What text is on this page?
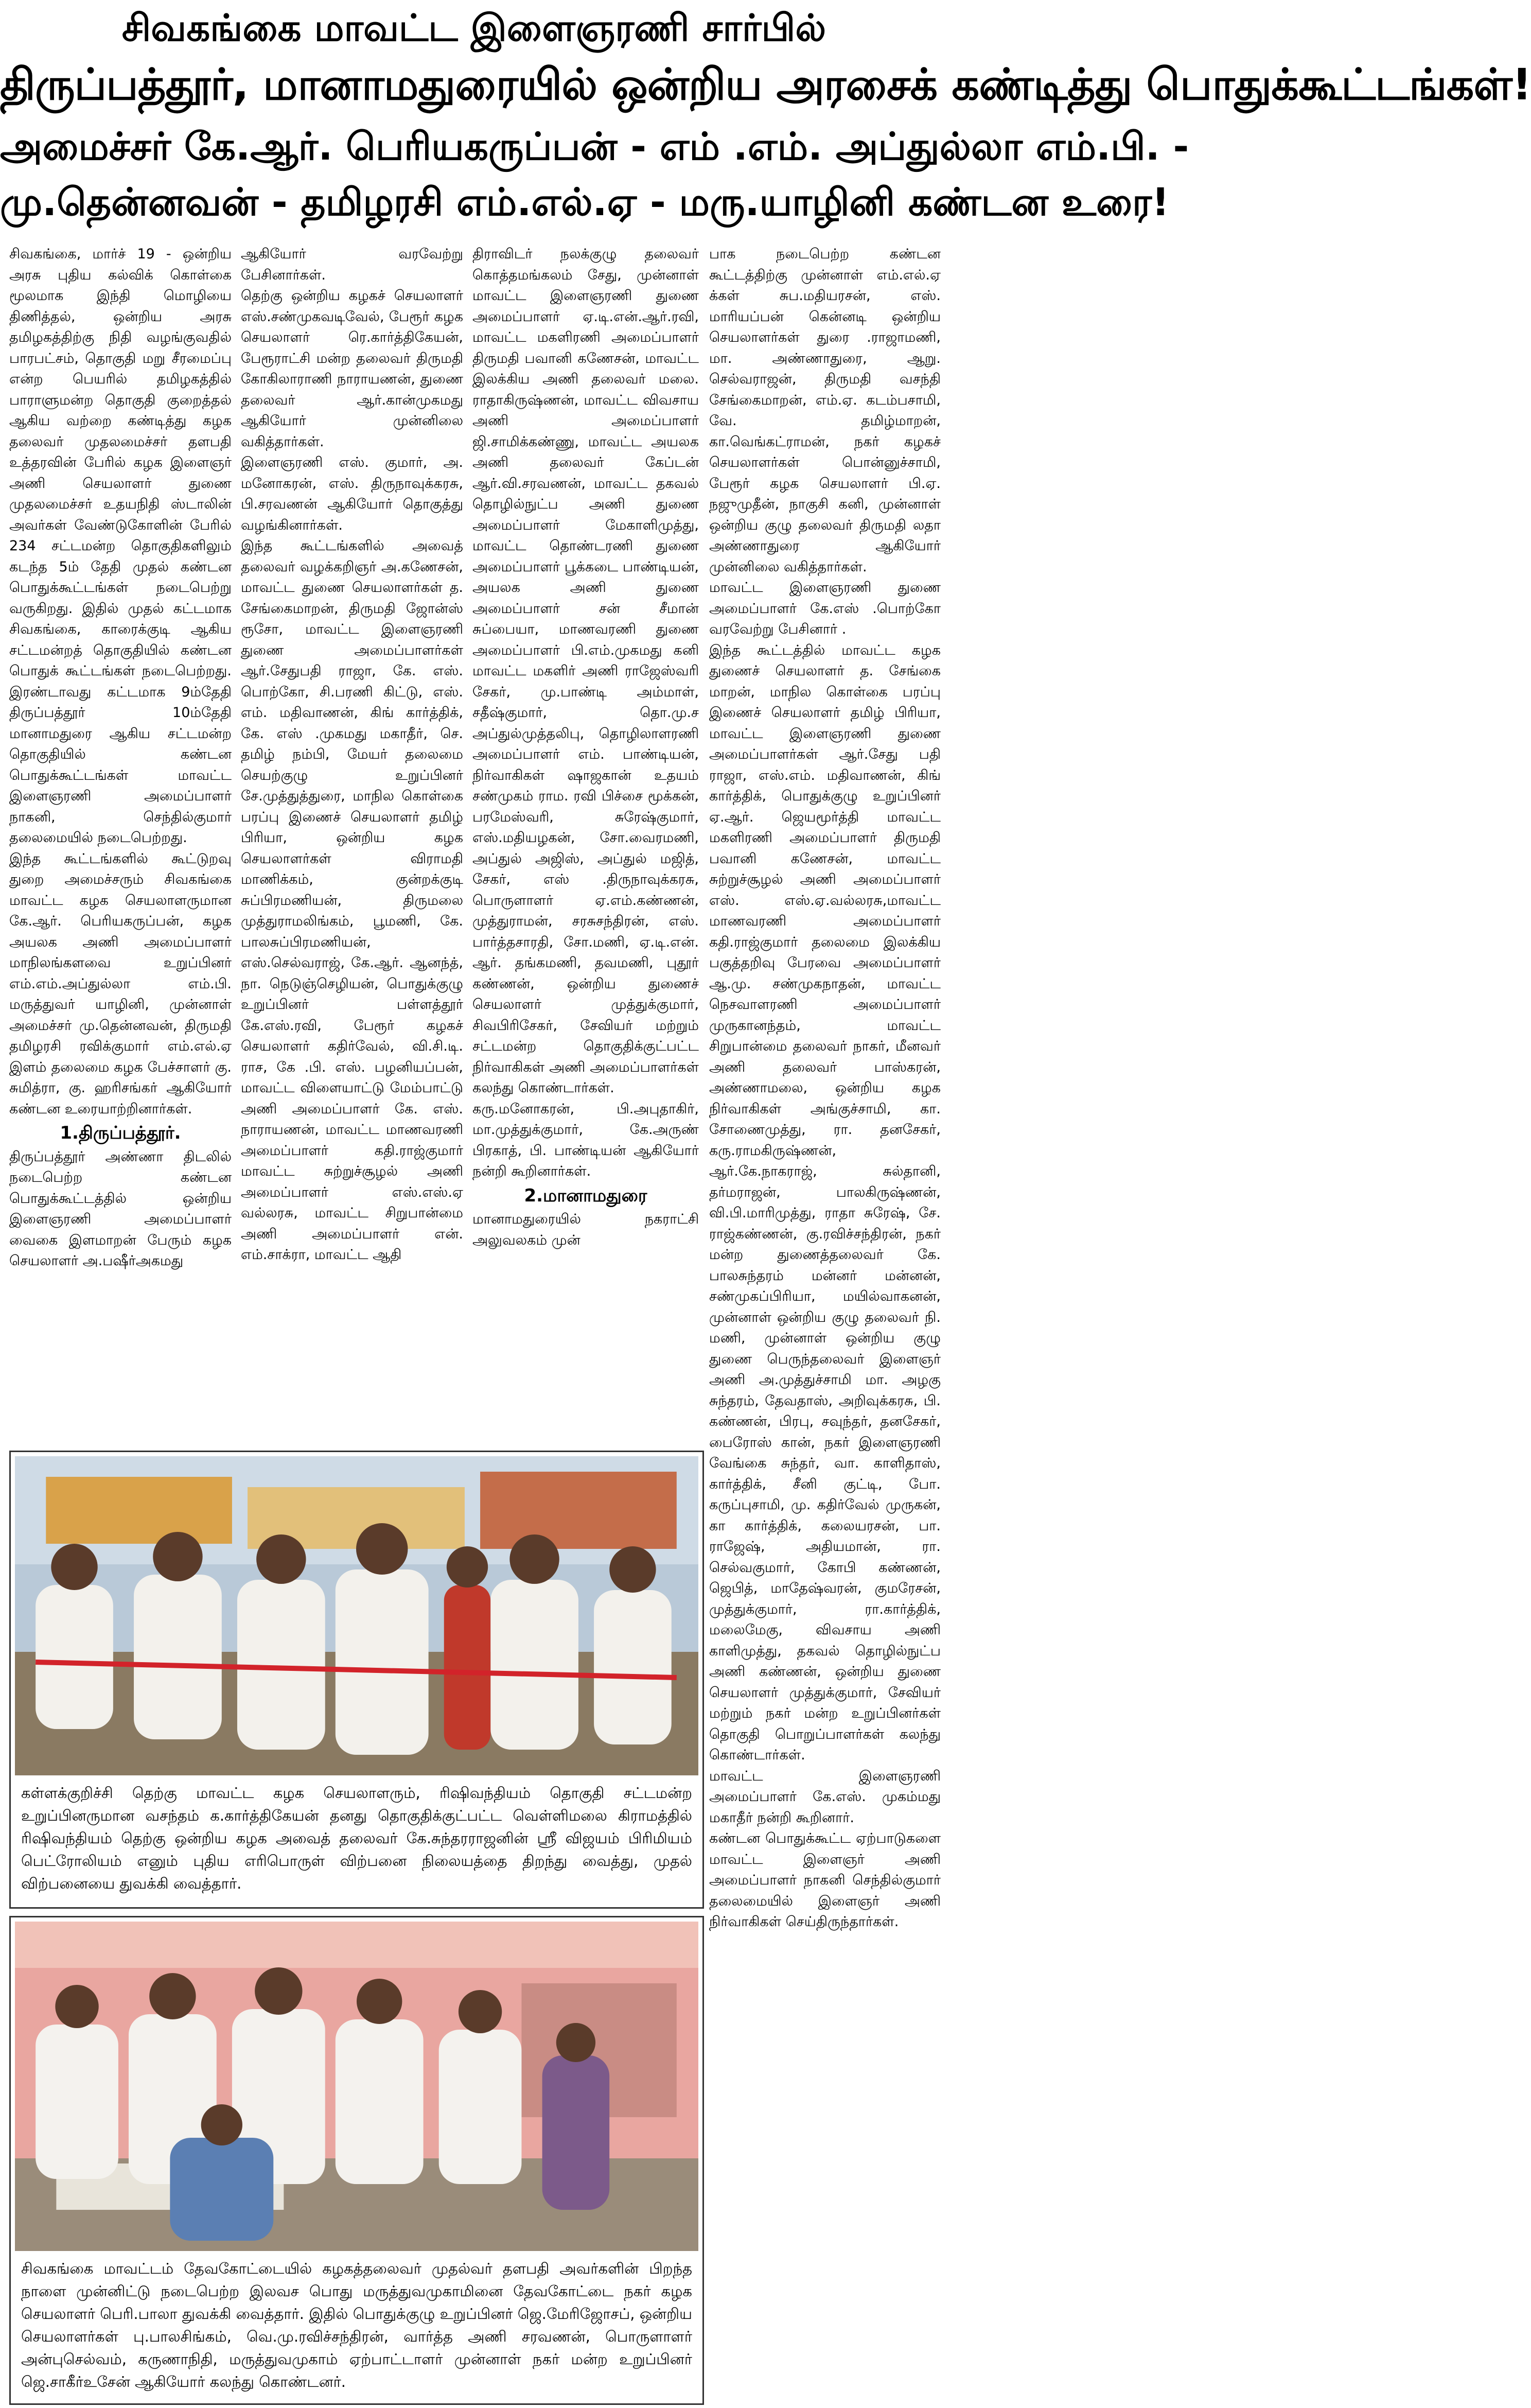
சிவகங்கை மாவட்ட இளைஞரணி சார்பில்
திருப்பத்தூர், மானாமதுரையில் ஒன்றிய அரசைக் கண்டித்து பொதுக்கூட்டங்கள்!
அமைச்சர் கே.ஆர். பெரியகருப்பன் - எம் .எம். அப்துல்லா எம்.பி. -
மு.தென்னவன் - தமிழரசி எம்.எல்.ஏ - மரு.யாழினி கண்டன உரை!

சிவகங்கை, மார்ச் 19 - ஒன்றிய அரசு புதிய கல்விக் கொள்கை மூலமாக இந்தி மொழியை திணித்தல், ஒன்றிய அரசு தமிழகத்திற்கு நிதி வழங்குவதில் பாரபட்சம், தொகுதி மறு சீரமைப்பு என்ற பெயரில் தமிழகத்தில் பாராளுமன்ற தொகுதி குறைத்தல் ஆகிய வற்றை கண்டித்து கழக தலைவர் முதலமைச்சர் தளபதி உத்தரவின் பேரில் கழக இளைஞர் அணி செயலாளர் துணை முதலமைச்சர் உதயநிதி ஸ்டாலின் அவர்கள் வேண்டுகோளின் பேரில் 234 சட்டமன்ற தொகுதிகளிலும் கடந்த 5ம் தேதி முதல் கண்டன பொதுக்கூட்டங்கள் நடைபெற்று வருகிறது. இதில் முதல் கட்டமாக சிவகங்கை, காரைக்குடி ஆகிய சட்டமன்றத் தொகுதியில் கண்டன பொதுக் கூட்டங்கள் நடைபெற்றது. இரண்டாவது கட்டமாக 9ம்தேதி திருப்பத்தூர் 10ம்தேதி மானாமதுரை ஆகிய சட்டமன்ற தொகுதியில் கண்டன பொதுக்கூட்டங்கள் மாவட்ட இளைஞரணி அமைப்பாளர் நாகனி, செந்தில்குமார் தலைமையில் நடைபெற்றது.

இந்த கூட்டங்களில் கூட்டுறவு துறை அமைச்சரும் சிவகங்கை மாவட்ட கழக செயலாளருமான கே.ஆர். பெரியகருப்பன், கழக அயலக அணி அமைப்பாளர் மாநிலங்களவை உறுப்பினர் எம்.எம்.அப்துல்லா எம்.பி. மருத்துவர் யாழினி, முன்னாள் அமைச்சர் மு.தென்னவன், திருமதி தமிழரசி ரவிக்குமார் எம்.எல்.ஏ இளம் தலைமை கழக பேச்சாளர் கு. சுமித்ரா, கு. ஹரிசங்கர் ஆகியோர் கண்டன உரையாற்றினார்கள்.

1.திருப்பத்தூர்.

திருப்பத்தூர் அண்ணா திடலில் நடைபெற்ற கண்டன பொதுக்கூட்டத்தில் ஒன்றிய இளைஞரணி அமைப்பாளர் வைகை இளமாறன் பேரும் கழக செயலாளர் அ.பஷீர்அகமது

ஆகியோர் வரவேற்று பேசினார்கள்.

தெற்கு ஒன்றிய கழகச் செயலாளர் எஸ்.சண்முகவடிவேல், பேரூர் கழக செயலாளர் ரெ.கார்த்திகேயன், பேரூராட்சி மன்ற தலைவர் திருமதி கோகிலாராணி நாராயணன், துணை தலைவர் ஆர்.கான்முகமது ஆகியோர் முன்னிலை வகித்தார்கள்.

இளைஞரணி எஸ். குமார், அ. மனோகரன், எஸ். திருநாவுக்கரசு, பி.சரவணன் ஆகியோர் தொகுத்து வழங்கினார்கள்.

இந்த கூட்டங்களில் அவைத் தலைவர் வழக்கறிஞர் அ.கணேசன், மாவட்ட துணை செயலாளர்கள் த. சேங்கைமாறன், திருமதி ஜோன்ஸ் ரூசோ, மாவட்ட இளைஞரணி துணை அமைப்பாளர்கள் ஆர்.சேதுபதி ராஜா, கே. எஸ். பொற்கோ, சி.பரணி கிட்டு, எஸ். எம். மதிவாணன், கிங் கார்த்திக், கே. எஸ் .முகமது மகாதீர், செ. தமிழ் நம்பி, மேயர் தலைமை செயற்குழு உறுப்பினர் சே.முத்துத்துரை, மாநில கொள்கை பரப்பு இணைச் செயலாளர் தமிழ் பிரியா, ஒன்றிய கழக செயலாளர்கள் விராமதி மாணிக்கம், குன்றக்குடி சுப்பிரமணியன், திருமலை முத்துராமலிங்கம், பூமணி, கே. பாலசுப்பிரமணியன், எஸ்.செல்வராஜ், கே.ஆர். ஆனந்த், நா. நெடுஞ்செழியன், பொதுக்குழு உறுப்பினர் பள்ளத்தூர் கே.எஸ்.ரவி, பேரூர் கழகச் செயலாளர் கதிர்வேல், வி.சி.டி. ராச, கே .பி. எஸ். பழனியப்பன், மாவட்ட விளையாட்டு மேம்பாட்டு அணி அமைப்பாளர் கே. எஸ். நாராயணன், மாவட்ட மாணவரணி அமைப்பாளர் கதி.ராஜ்குமார் மாவட்ட சுற்றுச்சூழல் அணி அமைப்பாளர் எஸ்.எஸ்.ஏ வல்லரசு, மாவட்ட சிறுபான்மை அணி அமைப்பாளர் என். எம்.சாக்ரா, மாவட்ட ஆதி

திராவிடர் நலக்குழு தலைவர் கொத்தமங்கலம் சேது, முன்னாள் மாவட்ட இளைஞரணி துணை அமைப்பாளர் ஏ.டி.என்.ஆர்.ரவி, மாவட்ட மகளிரணி அமைப்பாளர் திருமதி பவானி கணேசன், மாவட்ட இலக்கிய அணி தலைவர் மலை. ராதாகிருஷ்ணன், மாவட்ட விவசாய அணி அமைப்பாளர் ஜி.சாமிக்கண்ணு, மாவட்ட அயலக அணி தலைவர் கேப்டன் ஆர்.வி.சரவணன், மாவட்ட தகவல் தொழில்நுட்ப அணி துணை அமைப்பாளர் மேகாளிமுத்து, மாவட்ட தொண்டரணி துணை அமைப்பாளர் பூக்கடை பாண்டியன், அயலக அணி துணை அமைப்பாளர் சன் சீமான் சுப்பையா, மாணவரணி துணை அமைப்பாளர் பி.எம்.முகமது கனி மாவட்ட மகளிர் அணி ராஜேஸ்வரி சேகர், மு.பாண்டி அம்மாள், சதீஷ்குமார், தொ.மு.ச அப்துல்முத்தலிபு, தொழிலாளரணி அமைப்பாளர் எம். பாண்டியன், நிர்வாகிகள் ஷாஜகான் உதயம் சண்முகம் ராம. ரவி பிச்சை மூக்கன், பரமேஸ்வரி, சுரேஷ்குமார், எஸ்.மதியழகன், சோ.வைரமணி, அப்துல் அஜிஸ், அப்துல் மஜித், சேகர், எஸ் .திருநாவுக்கரசு, பொருளாளர் ஏ.எம்.கண்ணன், முத்துராமன், சரசுசந்திரன், எஸ். பார்த்தசாரதி, சோ.மணி, ஏ.டி.என். ஆர். தங்கமணி, தவமணி, புதூர் கண்ணன், ஒன்றிய துணைச் செயலாளர் முத்துக்குமார், சிவபிரிசேகர், சேவியர் மற்றும் சட்டமன்ற தொகுதிக்குட்பட்ட நிர்வாகிகள் அணி அமைப்பாளர்கள் கலந்து கொண்டார்கள்.

கரு.மனோகரன், பி.அபுதாகிர், மா.முத்துக்குமார், கே.அருண் பிரகாத், பி. பாண்டியன் ஆகியோர் நன்றி கூறினார்கள்.

2.மானாமதுரை

மானாமதுரையில் நகராட்சி அலுவலகம் முன்

பாக நடைபெற்ற கண்டன கூட்டத்திற்கு முன்னாள் எம்.எல்.ஏ க்கள் சுப.மதியரசன், எஸ். மாரியப்பன் கென்னடி ஒன்றிய செயலாளர்கள் துரை .ராஜாமணி, மா. அண்ணாதுரை, ஆறு. செல்வராஜன், திருமதி வசந்தி சேங்கைமாறன், எம்.ஏ. கடம்பசாமி, வே. தமிழ்மாறன், கா.வெங்கட்ராமன், நகர் கழகச் செயலாளர்கள் பொன்னுச்சாமி, பேரூர் கழக செயலாளர் பி.ஏ. நஜுமுதீன், நாகுசி கனி, முன்னாள் ஒன்றிய குழு தலைவர் திருமதி லதா அண்ணாதுரை ஆகியோர் முன்னிலை வகித்தார்கள்.

மாவட்ட இளைஞரணி துணை அமைப்பாளர் கே.எஸ் .பொற்கோ வரவேற்று பேசினார் .

இந்த கூட்டத்தில் மாவட்ட கழக துணைச் செயலாளர் த. சேங்கை மாறன், மாநில கொள்கை பரப்பு இணைச் செயலாளர் தமிழ் பிரியா, மாவட்ட இளைஞரணி துணை அமைப்பாளர்கள் ஆர்.சேது பதி ராஜா, எஸ்.எம். மதிவாணன், கிங் கார்த்திக், பொதுக்குழு உறுப்பினர் ஏ.ஆர். ஜெயமூர்த்தி மாவட்ட மகளிரணி அமைப்பாளர் திருமதி பவானி கணேசன், மாவட்ட சுற்றுச்சூழல் அணி அமைப்பாளர் எஸ். எஸ்.ஏ.வல்லரசு,மாவட்ட மாணவரணி அமைப்பாளர் கதி.ராஜ்குமார் தலைமை இலக்கிய பகுத்தறிவு பேரவை அமைப்பாளர் ஆ.மு. சண்முகநாதன், மாவட்ட நெசவாளரணி அமைப்பாளர் முருகானந்தம், மாவட்ட சிறுபான்மை தலைவர் நாகர், மீனவர் அணி தலைவர் பாஸ்கரன், அண்ணாமலை, ஒன்றிய கழக நிர்வாகிகள் அங்குச்சாமி, கா. சோணைமுத்து, ரா. தனசேகர், கரு.ராமகிருஷ்ணன், ஆர்.கே.நாகராஜ், சுல்தானி, தர்மராஜன், பாலகிருஷ்ணன், வி.பி.மாரிமுத்து, ராதா சுரேஷ், சே. ராஜ்கண்ணன், கு.ரவிச்சந்திரன், நகர் மன்ற துணைத்தலைவர் கே. பாலசுந்தரம் மன்னர் மன்னன், சண்முகப்பிரியா, மயில்வாகனன், முன்னாள் ஒன்றிய குழு தலைவர் நி. மணி, முன்னாள் ஒன்றிய குழு துணை பெருந்தலைவர் இளைஞர் அணி அ.முத்துச்சாமி மா. அழகு சுந்தரம், தேவதாஸ், அறிவுக்கரசு, பி. கண்ணன், பிரபு, சவுந்தர், தனசேகர், பைரோஸ் கான், நகர் இளைஞரணி வேங்கை சுந்தர், வா. காளிதாஸ், கார்த்திக், சீனி குட்டி, போ. கருப்புசாமி, மு. கதிர்வேல் முருகன், கா கார்த்திக், கலையரசன், பா. ராஜேஷ், அதியமான், ரா. செல்வகுமார், கோபி கண்ணன், ஜெபித், மாதேஷ்வரன், குமரேசன், முத்துக்குமார், ரா.கார்த்திக், மலைமேகு, விவசாய அணி காளிமுத்து, தகவல் தொழில்நுட்ப அணி கண்ணன், ஒன்றிய துணை செயலாளர் முத்துக்குமார், சேவியர் மற்றும் நகர் மன்ற உறுப்பினர்கள் தொகுதி பொறுப்பாளர்கள் கலந்து கொண்டார்கள்.

மாவட்ட இளைஞரணி அமைப்பாளர் கே.எஸ். முகம்மது மகாதீர் நன்றி கூறினார்.

கண்டன பொதுக்கூட்ட ஏற்பாடுகளை மாவட்ட இளைஞர் அணி அமைப்பாளர் நாகனி செந்தில்குமார் தலைமையில் இளைஞர் அணி நிர்வாகிகள் செய்திருந்தார்கள்.

கள்ளக்குறிச்சி தெற்கு மாவட்ட கழக செயலாளரும், ரிஷிவந்தியம் தொகுதி சட்டமன்ற உறுப்பினருமான வசந்தம் க.கார்த்திகேயன் தனது தொகுதிக்குட்பட்ட வெள்ளிமலை கிராமத்தில் ரிஷிவந்தியம் தெற்கு ஒன்றிய கழக அவைத் தலைவர் கே.சுந்தரராஜனின் ஸ்ரீ விஜயம் பிரிமியம் பெட்ரோலியம் எனும் புதிய எரிபொருள் விற்பனை நிலையத்தை திறந்து வைத்து, முதல் விற்பனையை துவக்கி வைத்தார்.
சிவகங்கை மாவட்டம் தேவகோட்டையில் கழகத்தலைவர் முதல்வர் தளபதி அவர்களின் பிறந்த நாளை முன்னிட்டு நடைபெற்ற இலவச பொது மருத்துவமுகாமினை தேவகோட்டை நகர் கழக செயலாளர் பெரி.பாலா துவக்கி வைத்தார். இதில் பொதுக்குழு உறுப்பினர் ஜெ.மேரிஜோசப், ஒன்றிய செயலாளர்கள் பு.பாலசிங்கம், வெ.மு.ரவிச்சந்திரன், வார்த்த அணி சரவணன், பொருளாளர் அன்புசெல்வம், கருணாநிதி, மருத்துவமுகாம் ஏற்பாட்டாளர் முன்னாள் நகர் மன்ற உறுப்பினர் ஜெ.சாகீர்உசேன் ஆகியோர் கலந்து கொண்டனர்.
